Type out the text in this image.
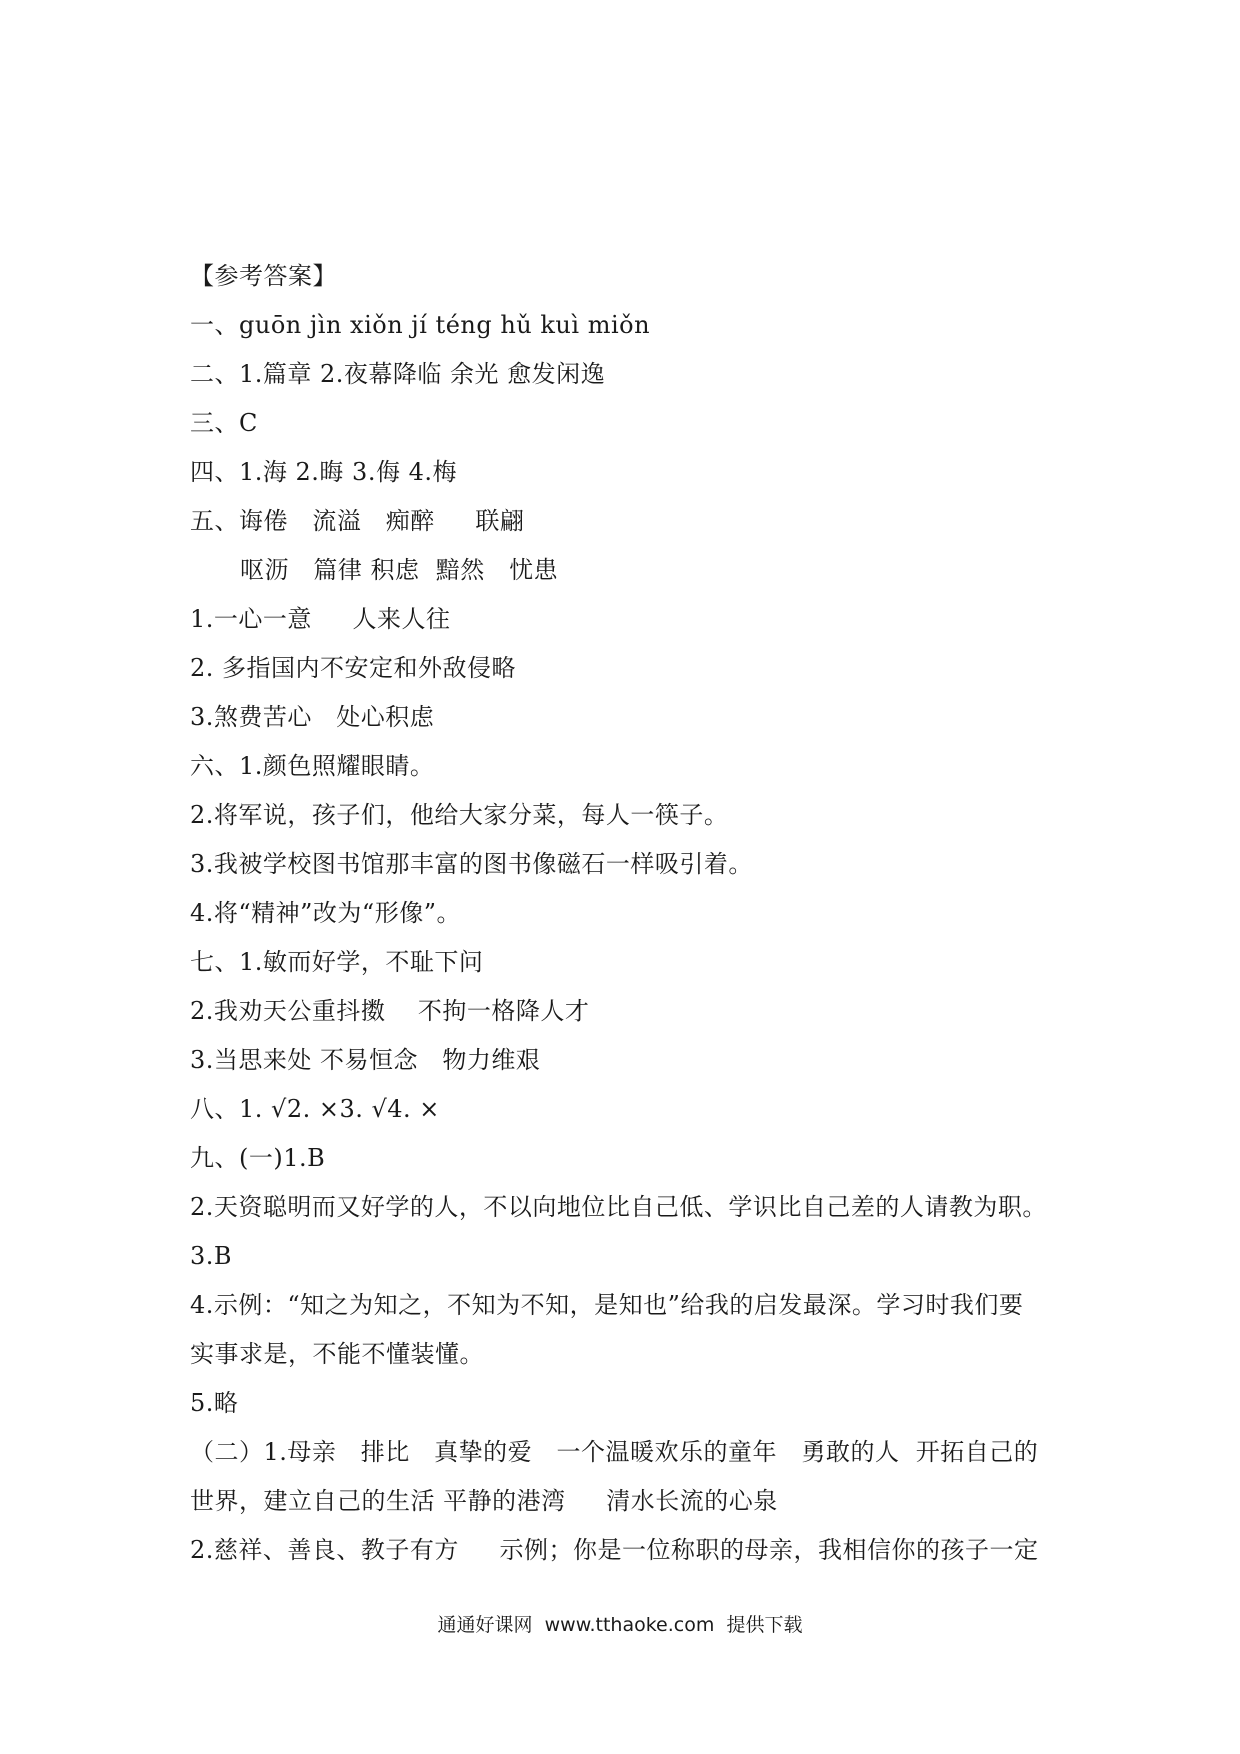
【参考答案】
一、guōn jìn xiǒn jí téng hǔ kuì miǒn
二、1.篇章 2.夜幕降临 余光 愈发闲逸
三、C
四、1.海 2.晦 3.侮 4.梅
五、诲倦   流溢   痴醉     联翩
呕沥   篇律 积虑  黯然   忧患
1.一心一意     人来人往
2. 多指国内不安定和外敌侵略
3.煞费苦心   处心积虑
六、1.颜色照耀眼睛。
2.将军说，孩子们，他给大家分菜，每人一筷子。
3.我被学校图书馆那丰富的图书像磁石一样吸引着。
4.将“精神”改为“形像”。
七、1.敏而好学，不耻下问
2.我劝天公重抖擞    不拘一格降人才
3.当思来处 不易恒念   物力维艰
八、1. √2. ×3. √4. ×
九、(一)1.B
2.天资聪明而又好学的人，不以向地位比自己低、学识比自己差的人请教为职。
3.B
4.示例：“知之为知之，不知为不知，是知也”给我的启发最深。学习时我们要
实事求是，不能不懂装懂。
5.略
（二）1.母亲   排比   真挚的爱   一个温暖欢乐的童年   勇敢的人  开拓自己的
世界，建立自己的生活 平静的港湾     清水长流的心泉
2.慈祥、善良、教子有方     示例；你是一位称职的母亲，我相信你的孩子一定
通通好课网  www.tthaoke.com  提供下载
